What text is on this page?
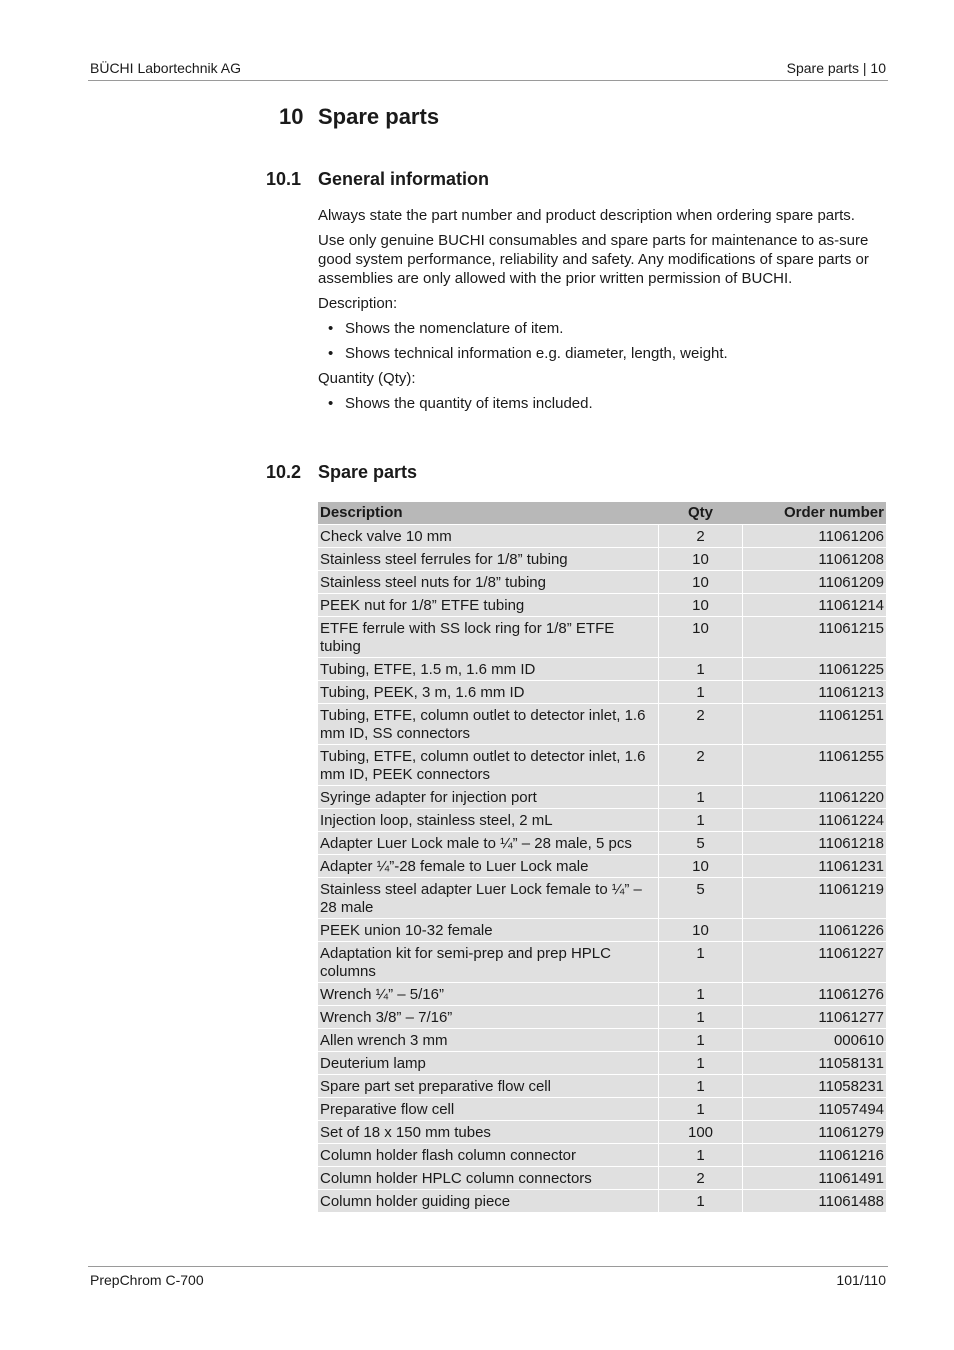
BÜCHI Labortechnik AG	Spare parts | 10
10 Spare parts
10.1 General information

Always state the part number and product description when ordering spare parts.

Use only genuine BUCHI consumables and spare parts for maintenance to as-sure good system performance, reliability and safety. Any modifications of spare parts or assemblies are only allowed with the prior written permission of BUCHI.

Description:

• Shows the nomenclature of item.
• Shows technical information e.g. diameter, length, weight.

Quantity (Qty):

• Shows the quantity of items included.
10.2 Spare parts
Description	Qty	Order number
Check valve 10 mm	2	11061206
Stainless steel ferrules for 1/8” tubing	10	11061208
Stainless steel nuts for 1/8” tubing	10	11061209
PEEK nut for 1/8” ETFE tubing	10	11061214
ETFE ferrule with SS lock ring for 1/8” ETFE tubing	10	11061215
Tubing, ETFE, 1.5 m, 1.6 mm ID	1	11061225
Tubing, PEEK, 3 m, 1.6 mm ID	1	11061213
Tubing, ETFE, column outlet to detector inlet, 1.6 mm ID, SS connectors	2	11061251
Tubing, ETFE, column outlet to detector inlet, 1.6 mm ID, PEEK connectors	2	11061255
Syringe adapter for injection port	1	11061220
Injection loop, stainless steel, 2 mL	1	11061224
Adapter Luer Lock male to ¼” – 28 male, 5 pcs	5	11061218
Adapter ¼”-28 female to Luer Lock male	10	11061231
Stainless steel adapter Luer Lock female to ¼” – 28 male	5	11061219
PEEK union 10-32 female	10	11061226
Adaptation kit for semi-prep and prep HPLC columns	1	11061227
Wrench ¼” – 5/16”	1	11061276
Wrench 3/8” – 7/16”	1	11061277
Allen wrench 3 mm	1	000610
Deuterium lamp	1	11058131
Spare part set preparative flow cell	1	11058231
Preparative flow cell	1	11057494
Set of 18 x 150 mm tubes	100	11061279
Column holder flash column connector	1	11061216
Column holder HPLC column connectors	2	11061491
Column holder guiding piece	1	11061488
PrepChrom C-700	101/110
